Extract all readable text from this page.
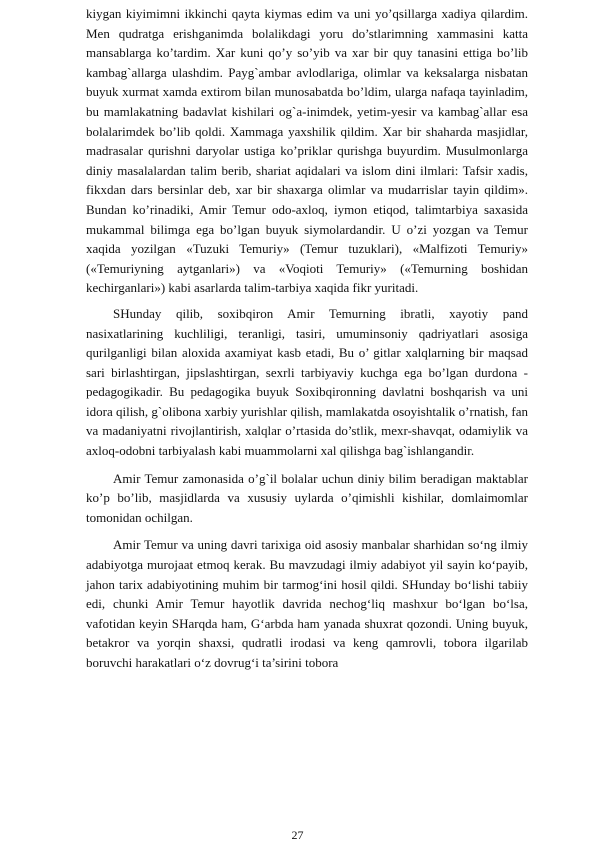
kiygan kiyimimni ikkinchi qayta kiymas edim va uni yo’qsillarga xadiya qilardim. Men qudratga erishganimda bolalikdagi yoru do’stlarimning xammasini katta mansablarga ko’tardim. Xar kuni qo’y so’yib va xar bir quy tanasini ettiga bo’lib kambag`allarga ulashdim. Payg`ambar avlodlariga, olimlar va keksalarga nisbatan buyuk xurmat xamda extirom bilan munosabatda bo’ldim, ularga nafaqa tayinladim, bu mamlakatning badavlat kishilari og`a-inimdek, yetim-yesir va kambag`allar esa bolalarimdek bo’lib qoldi. Xammaga yaxshilik qildim. Xar bir shaharda masjidlar, madrasalar qurishni daryolar ustiga ko’priklar qurishga buyurdim. Musulmonlarga diniy masalalardan talim berib, shariat aqidalari va islom dini ilmlari: Tafsir xadis, fikxdan dars bersinlar deb, xar bir shaxarga olimlar va mudarrislar tayin qildim». Bundan ko’rinadiki, Amir Temur odo-axloq, iymon etiqod, talimtarbiya saxasida mukammal bilimga ega bo’lgan buyuk siymolardandir. U o’zi yozgan va Temur xaqida yozilgan «Tuzuki Temuriy» (Temur tuzuklari), «Malfizoti Temuriy» («Temuriyning aytganlari») va «Voqioti Temuriy» («Temurning boshidan kechirganlari») kabi asarlarda talim-tarbiya xaqida fikr yuritadi.

SHunday qilib, soxibqiron Amir Temurning ibratli, xayotiy pand nasixatlarining kuchliligi, teranligi, tasiri, umuminsoniy qadriyatlari asosiga qurilganligi bilan aloxida axamiyat kasb etadi, Bu o’ gitlar xalqlarning bir maqsad sari birlashtirgan, jipslashtirgan, sexrli tarbiyaviy kuchga ega bo’lgan durdona - pedagogikadir. Bu pedagogika buyuk Soxibqironning davlatni boshqarish va uni idora qilish, g`olibona xarbiy yurishlar qilish, mamlakatda osoyishtalik o’rnatish, fan va madaniyatni rivojlantirish, xalqlar o’rtasida do’stlik, mexr-shavqat, odamiylik va axloq-odobni tarbiyalash kabi muammolarni xal qilishga bag`ishlangandir.

Amir Temur zamonasida o’g`il bolalar uchun diniy bilim beradigan maktablar ko’p bo’lib, masjidlarda va xususiy uylarda o’qimishli kishilar, domlaimomlar tomonidan ochilgan.

Amir Temur va uning davri tarixiga oid asosiy manbalar sharhidan so‘ng ilmiy adabiyotga murojaat etmoq kerak. Bu mavzudagi ilmiy adabiyot yil sayin ko‘payib, jahon tarix adabiyotining muhim bir tarmog‘ini hosil qildi. SHunday bo‘lishi tabiiy edi, chunki Amir Temur hayotlik davrida nechog‘liq mashxur bo‘lgan bo‘lsa, vafotidan keyin SHarqda ham, G‘arbda ham yanada shuxrat qozondi. Uning buyuk, betakror va yorqin shaxsi, qudratli irodasi va keng qamrovli, tobora ilgarilab boruvchi harakatlari o‘z dovrug‘i ta’sirini tobora

27
